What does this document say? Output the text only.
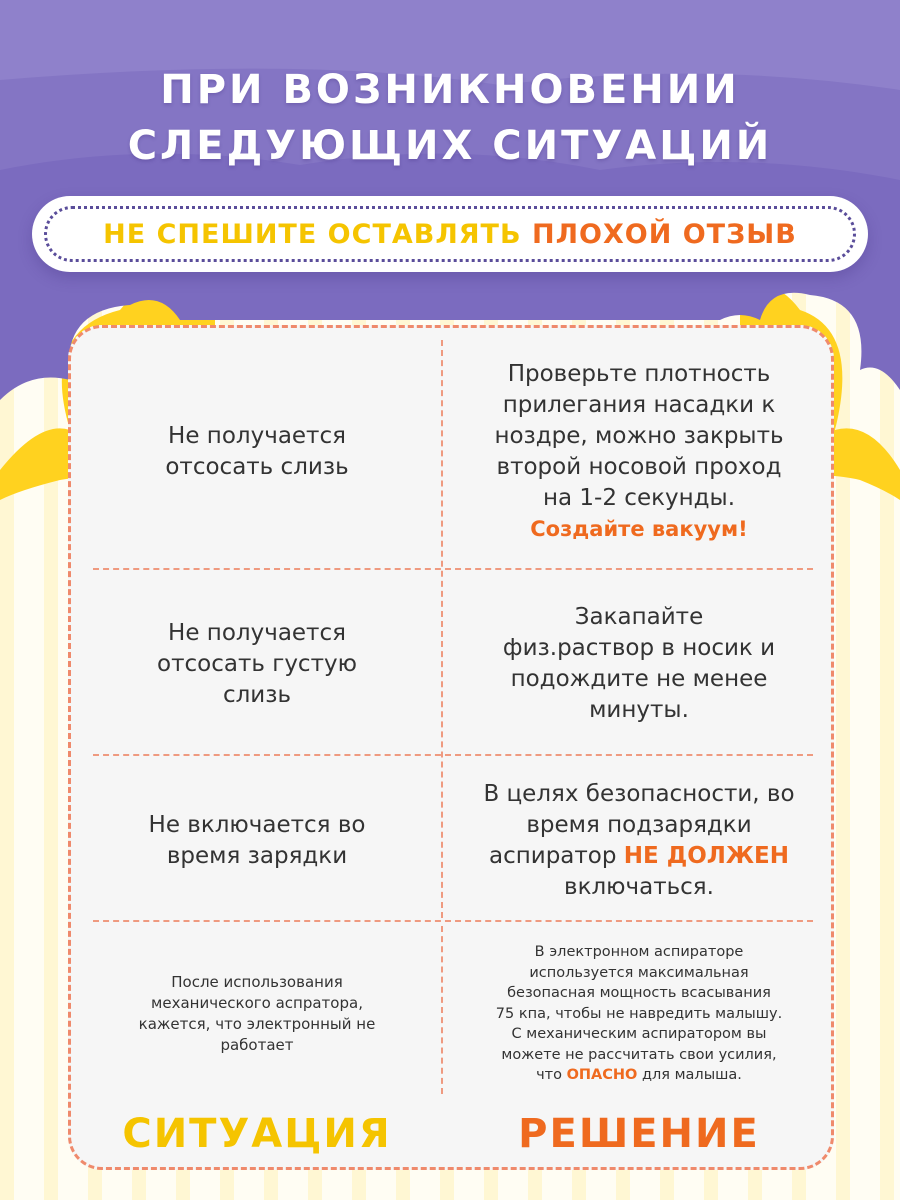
ПРИ ВОЗНИКНОВЕНИИ
СЛЕДУЮЩИХ СИТУАЦИЙ
НЕ СПЕШИТЕ ОСТАВЛЯТЬ
ПЛОХОЙ ОТЗЫВ
Не получается
отсосать слизь
Проверьте плотность
прилегания насадки к
ноздре, можно закрыть
второй носовой проход
на 1-2 секунды.
Создайте вакуум!
Не получается
отсосать густую
слизь
Закапайте
физ.раствор в носик и
подождите не менее
минуты.
Не включается во
время зарядки
В целях безопасности, во
время подзарядки
аспиратор НЕ ДОЛЖЕН
включаться.
После использования
механического аспратора,
кажется, что электронный не
работает
В электронном аспираторе
используется максимальная
безопасная мощность всасывания
75 кпа, чтобы не навредить малышу.
С механическим аспиратором вы
можете не рассчитать свои усилия,
что ОПАСНО для малыша.
СИТУАЦИЯ	РЕШЕНИЕ
